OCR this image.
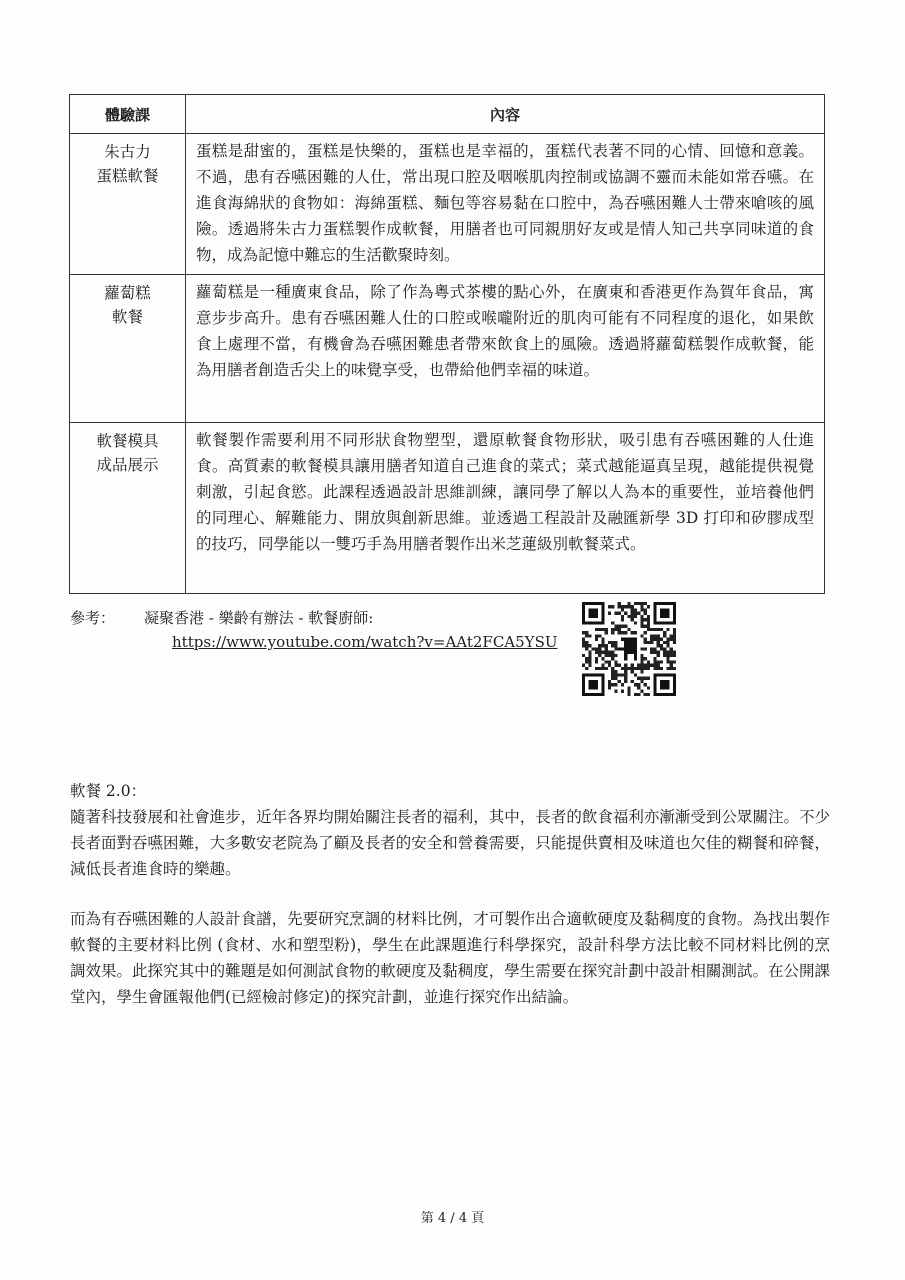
體驗課	內容

朱古力
蛋糕軟餐	蛋糕是甜蜜的，蛋糕是快樂的，蛋糕也是幸福的，蛋糕代表著不同的心情、回憶和意義。不過，患有吞嚥困難的人仕，常出現口腔及咽喉肌肉控制或協調不靈而未能如常吞嚥。在進食海綿狀的食物如：海綿蛋糕、麵包等容易黏在口腔中，為吞嚥困難人士帶來嗆咳的風險。透過將朱古力蛋糕製作成軟餐，用膳者也可同親朋好友或是情人知己共享同味道的食物，成為記憶中難忘的生活歡聚時刻。

蘿蔔糕
軟餐	蘿蔔糕是一種廣東食品，除了作為粵式茶樓的點心外，在廣東和香港更作為賀年食品，寓意步步高升。患有吞嚥困難人仕的口腔或喉嚨附近的肌肉可能有不同程度的退化，如果飲食上處理不當，有機會為吞嚥困難患者帶來飲食上的風險。透過將蘿蔔糕製作成軟餐，能為用膳者創造舌尖上的味覺享受，也帶給他們幸福的味道。

軟餐模具
成品展示	軟餐製作需要利用不同形狀食物塑型，還原軟餐食物形狀，吸引患有吞嚥困難的人仕進食。高質素的軟餐模具讓用膳者知道自己進食的菜式；菜式越能逼真呈現，越能提供視覺刺激，引起食慾。此課程透過設計思維訓練，讓同學了解以人為本的重要性，並培養他們的同理心、解難能力、開放與創新思維。並透過工程設計及融匯新學 3D 打印和矽膠成型的技巧，同學能以一雙巧手為用膳者製作出米芝蓮級別軟餐菜式。
參考： 凝聚香港 - 樂齡有辦法 - 軟餐廚師:
https://www.youtube.com/watch?v=AAt2FCA5YSU

軟餐 2.0：

隨著科技發展和社會進步，近年各界均開始關注長者的福利，其中，長者的飲食福利亦漸漸受到公眾關注。不少長者面對吞嚥困難，大多數安老院為了顧及長者的安全和營養需要，只能提供賣相及味道也欠佳的糊餐和碎餐，減低長者進食時的樂趣。

而為有吞嚥困難的人設計食譜，先要研究烹調的材料比例，才可製作出合適軟硬度及黏稠度的食物。為找出製作軟餐的主要材料比例 (食材、水和塑型粉)，學生在此課題進行科學探究，設計科學方法比較不同材料比例的烹調效果。此探究其中的難題是如何測試食物的軟硬度及黏稠度，學生需要在探究計劃中設計相關測試。在公開課堂內，學生會匯報他們(已經檢討修定)的探究計劃，並進行探究作出結論。

第 4 / 4 頁
